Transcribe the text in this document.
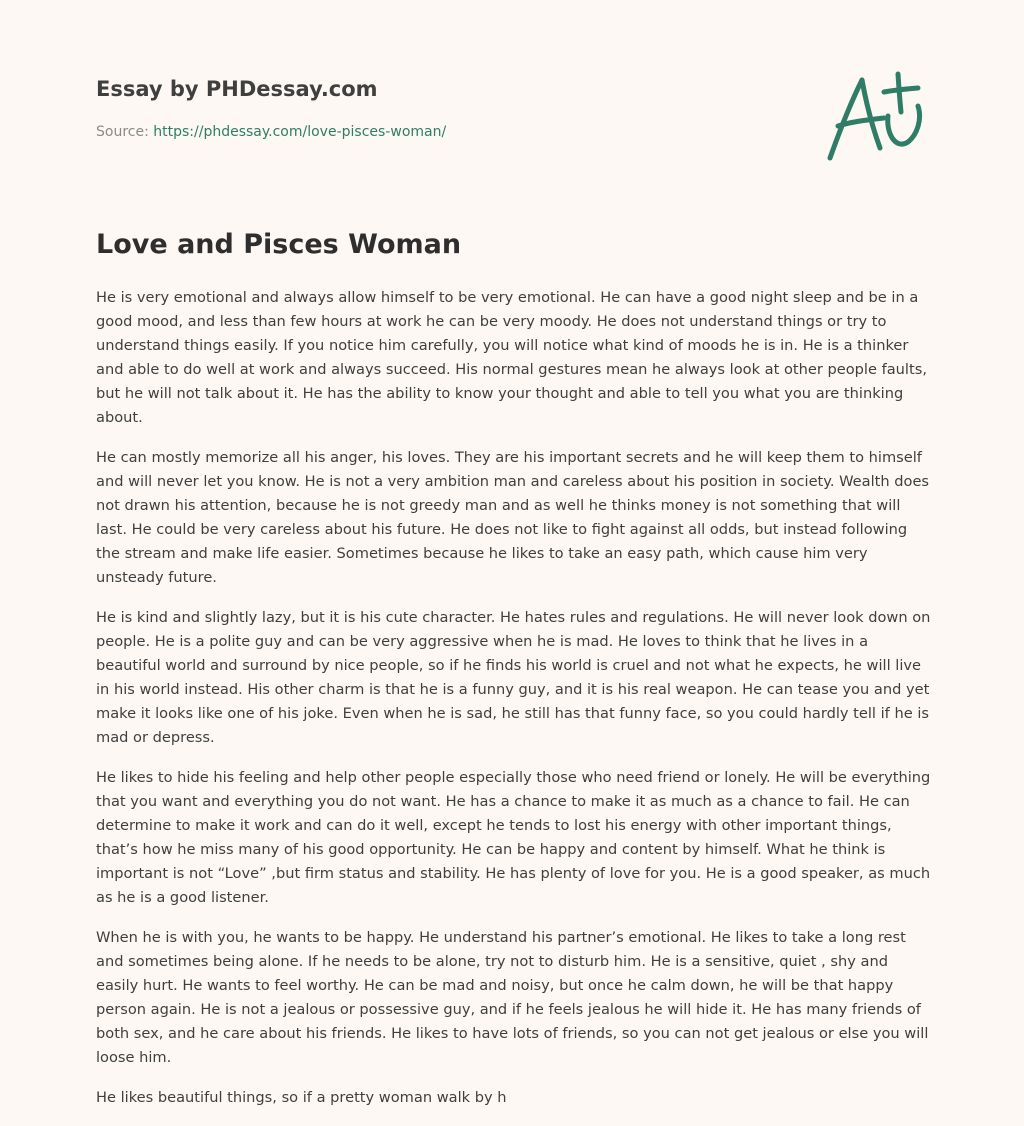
Essay by PHDessay.com
Source: https://phdessay.com/love-pisces-woman/
Love and Pisces Woman

He is very emotional and always allow himself to be very emotional. He can have a good night sleep and be in a good mood, and less than few hours at work he can be very moody. He does not understand things or try to understand things easily. If you notice him carefully, you will notice what kind of moods he is in. He is a thinker and able to do well at work and always succeed. His normal gestures mean he always look at other people faults, but he will not talk about it. He has the ability to know your thought and able to tell you what you are thinking about.

He can mostly memorize all his anger, his loves. They are his important secrets and he will keep them to himself and will never let you know. He is not a very ambition man and careless about his position in society. Wealth does not drawn his attention, because he is not greedy man and as well he thinks money is not something that will last. He could be very careless about his future. He does not like to fight against all odds, but instead following the stream and make life easier. Sometimes because he likes to take an easy path, which cause him very unsteady future.

He is kind and slightly lazy, but it is his cute character. He hates rules and regulations. He will never look down on people. He is a polite guy and can be very aggressive when he is mad. He loves to think that he lives in a beautiful world and surround by nice people, so if he finds his world is cruel and not what he expects, he will live in his world instead. His other charm is that he is a funny guy, and it is his real weapon. He can tease you and yet make it looks like one of his joke. Even when he is sad, he still has that funny face, so you could hardly tell if he is mad or depress.

He likes to hide his feeling and help other people especially those who need friend or lonely. He will be everything that you want and everything you do not want. He has a chance to make it as much as a chance to fail. He can determine to make it work and can do it well, except he tends to lost his energy with other important things, that’s how he miss many of his good opportunity. He can be happy and content by himself. What he think is important is not “Love” ,but firm status and stability. He has plenty of love for you. He is a good speaker, as much as he is a good listener.

When he is with you, he wants to be happy. He understand his partner’s emotional. He likes to take a long rest and sometimes being alone. If he needs to be alone, try not to disturb him. He is a sensitive, quiet , shy and easily hurt. He wants to feel worthy. He can be mad and noisy, but once he calm down, he will be that happy person again. He is not a jealous or possessive guy, and if he feels jealous he will hide it. He has many friends of both sex, and he care about his friends. He likes to have lots of friends, so you can not get jealous or else you will loose him.

He likes beautiful things, so if a pretty woman walk by h
